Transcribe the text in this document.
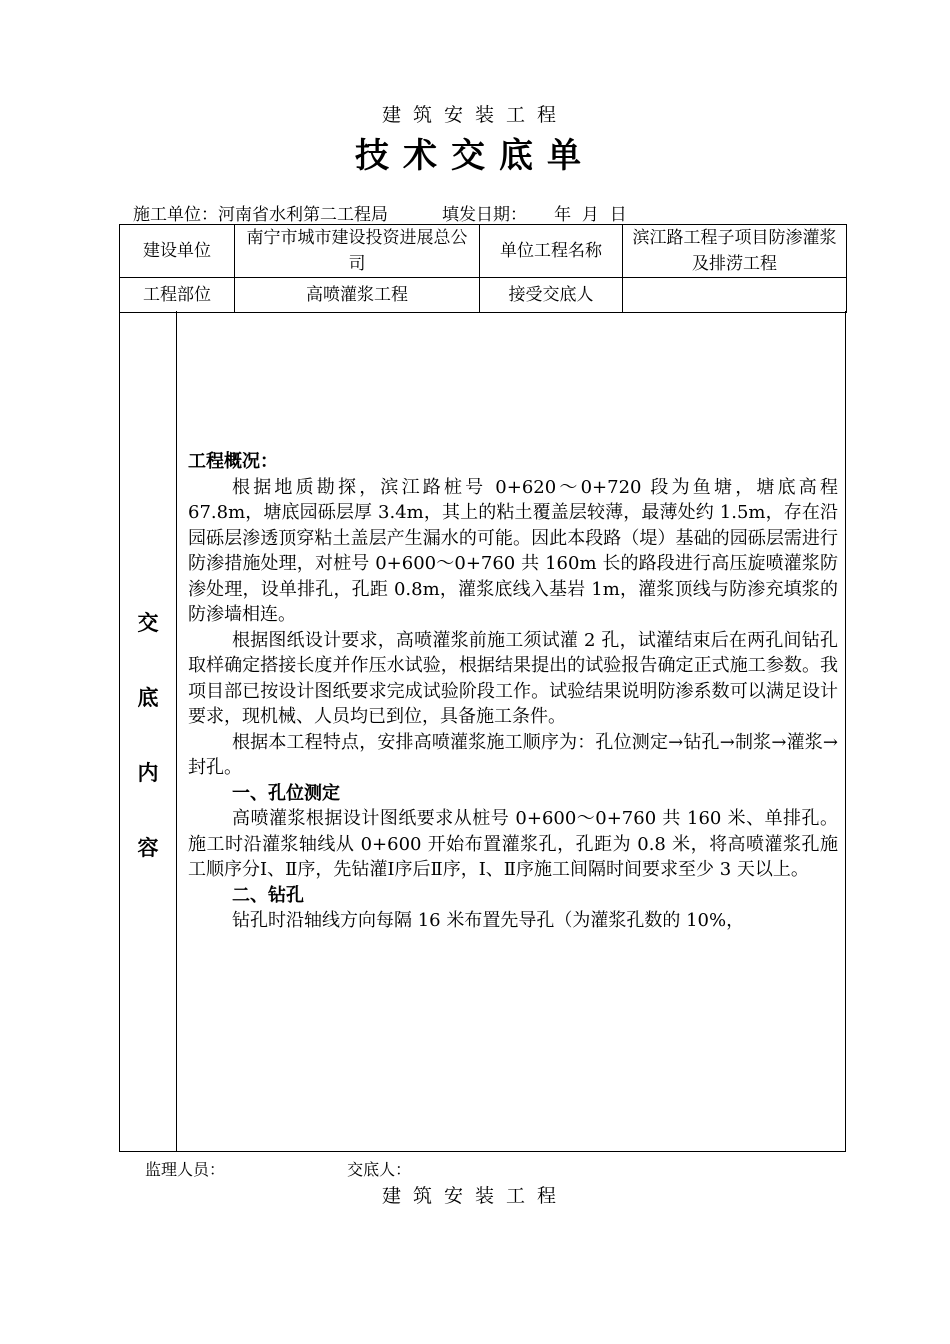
建筑安装工程
技术交底单
施工单位：河南省水利第二工程局	填发日期： 年  月  日
建设单位	南宁市城市建设投资进展总公司	单位工程名称	滨江路工程子项目防渗灌浆及排涝工程
工程部位	高喷灌浆工程	接受交底人	
交
底
内
容

工程概况：

根据地质勘探，滨江路桩号 0+620～0+720 段为鱼塘，塘底高程 67.8m，塘底园砾层厚 3.4m，其上的粘土覆盖层较薄，最薄处约 1.5m，存在沿园砾层渗透顶穿粘土盖层产生漏水的可能。因此本段路（堤）基础的园砾层需进行防渗措施处理，对桩号 0+600～0+760 共 160m 长的路段进行高压旋喷灌浆防渗处理，设单排孔，孔距 0.8m，灌浆底线入基岩 1m，灌浆顶线与防渗充填浆的防渗墙相连。

根据图纸设计要求，高喷灌浆前施工须试灌 2 孔，试灌结束后在两孔间钻孔取样确定搭接长度并作压水试验，根据结果提出的试验报告确定正式施工参数。我项目部已按设计图纸要求完成试验阶段工作。试验结果说明防渗系数可以满足设计要求，现机械、人员均已到位，具备施工条件。

根据本工程特点，安排高喷灌浆施工顺序为：孔位测定→钻孔→制浆→灌浆→封孔。

一、孔位测定

高喷灌浆根据设计图纸要求从桩号 0+600～0+760 共 160 米、单排孔。施工时沿灌浆轴线从 0+600 开始布置灌浆孔，孔距为 0.8 米，将高喷灌浆孔施工顺序分Ⅰ、Ⅱ序，先钻灌Ⅰ序后Ⅱ序，Ⅰ、Ⅱ序施工间隔时间要求至少 3 天以上。

二、钻孔

钻孔时沿轴线方向每隔 16 米布置先导孔（为灌浆孔数的 10%，

监理人员：	交底人：
建筑安装工程
